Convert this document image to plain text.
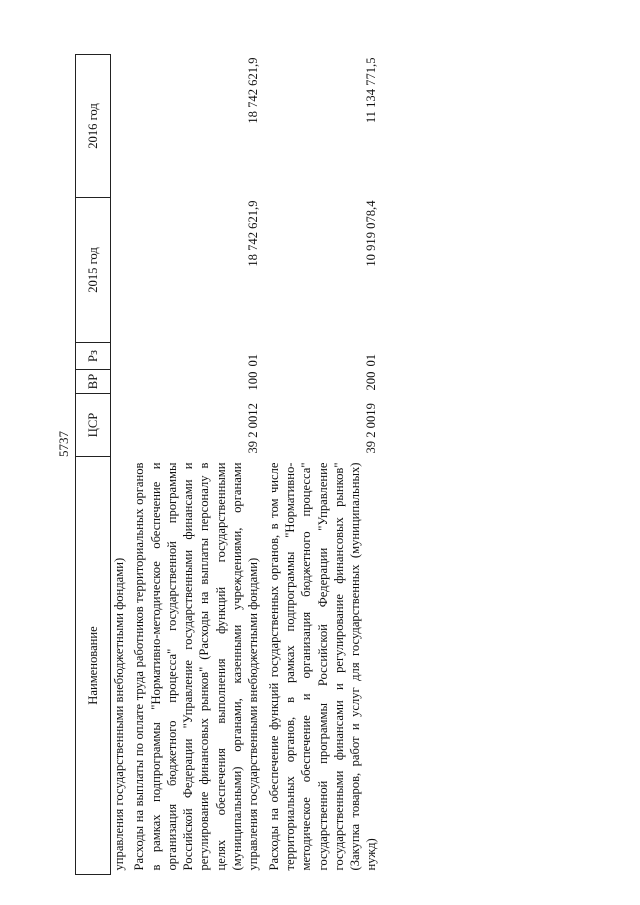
5737
Наименование	ЦСР	ВР	Рз	2015 год	2016 год
управления государственными внебюджетными фондами)					
Расходы на выплаты по оплате труда работников территориальных органов в рамках подпрограммы "Нормативно-методическое обеспечение и организация бюджетного процесса" государственной программы Российской Федерации "Управление государственными финансами и регулирование финансовых рынков" (Расходы на выплаты персоналу в целях обеспечения выполнения функций государственными (муниципальными) органами, казенными учреждениями, органами управления государственными внебюджетными фондами)	39 2 0012	100	01	18 742 621,9	18 742 621,9
Расходы на обеспечение функций государственных органов, в том числе территориальных органов, в рамках подпрограммы "Нормативно-методическое обеспечение и организация бюджетного процесса" государственной программы Российской Федерации "Управление государственными финансами и регулирование финансовых рынков" (Закупка товаров, работ и услуг для государственных (муниципальных) нужд)	39 2 0019	200	01	10 919 078,4	11 134 771,5
